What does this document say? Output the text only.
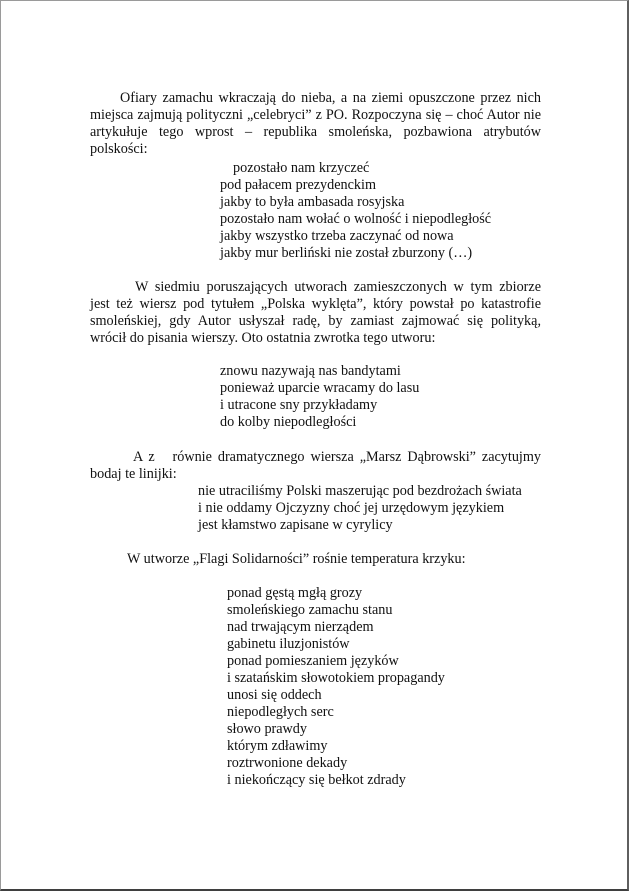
Ofiary zamachu wkraczają do nieba, a na ziemi opuszczone przez nich miejsca zajmują polityczni „celebryci” z PO. Rozpoczyna się – choć Autor nie artykułuje tego wprost – republika smoleńska, pozbawiona atrybutów polskości:

pozostało nam krzyczeć
pod pałacem prezydenckim
jakby to była ambasada rosyjska
pozostało nam wołać o wolność i niepodległość
jakby wszystko trzeba zaczynać od nowa
jakby mur berliński nie został zburzony (…)

W siedmiu poruszających utworach zamieszczonych w tym zbiorze jest też wiersz pod tytułem „Polska wyklęta”, który powstał po katastrofie smoleńskiej, gdy Autor usłyszał radę, by zamiast zajmować się polityką, wrócił do pisania wierszy. Oto ostatnia zwrotka tego utworu:

znowu nazywają nas bandytami
ponieważ uparcie wracamy do lasu
i utracone sny przykładamy
do kolby niepodległości

A z   równie dramatycznego wiersza „Marsz Dąbrowski” zacytujmy bodaj te linijki:

nie utraciliśmy Polski maszerując pod bezdrożach świata
i nie oddamy Ojczyzny choć jej urzędowym językiem
jest kłamstwo zapisane w cyrylicy

W utworze „Flagi Solidarności” rośnie temperatura krzyku:

ponad gęstą mgłą grozy
smoleńskiego zamachu stanu
nad trwającym nierządem
gabinetu iluzjonistów
ponad pomieszaniem języków
i szatańskim słowotokiem propagandy
unosi się oddech
niepodległych serc
słowo prawdy
którym zdławimy
roztrwonione dekady
i niekończący się bełkot zdrady
